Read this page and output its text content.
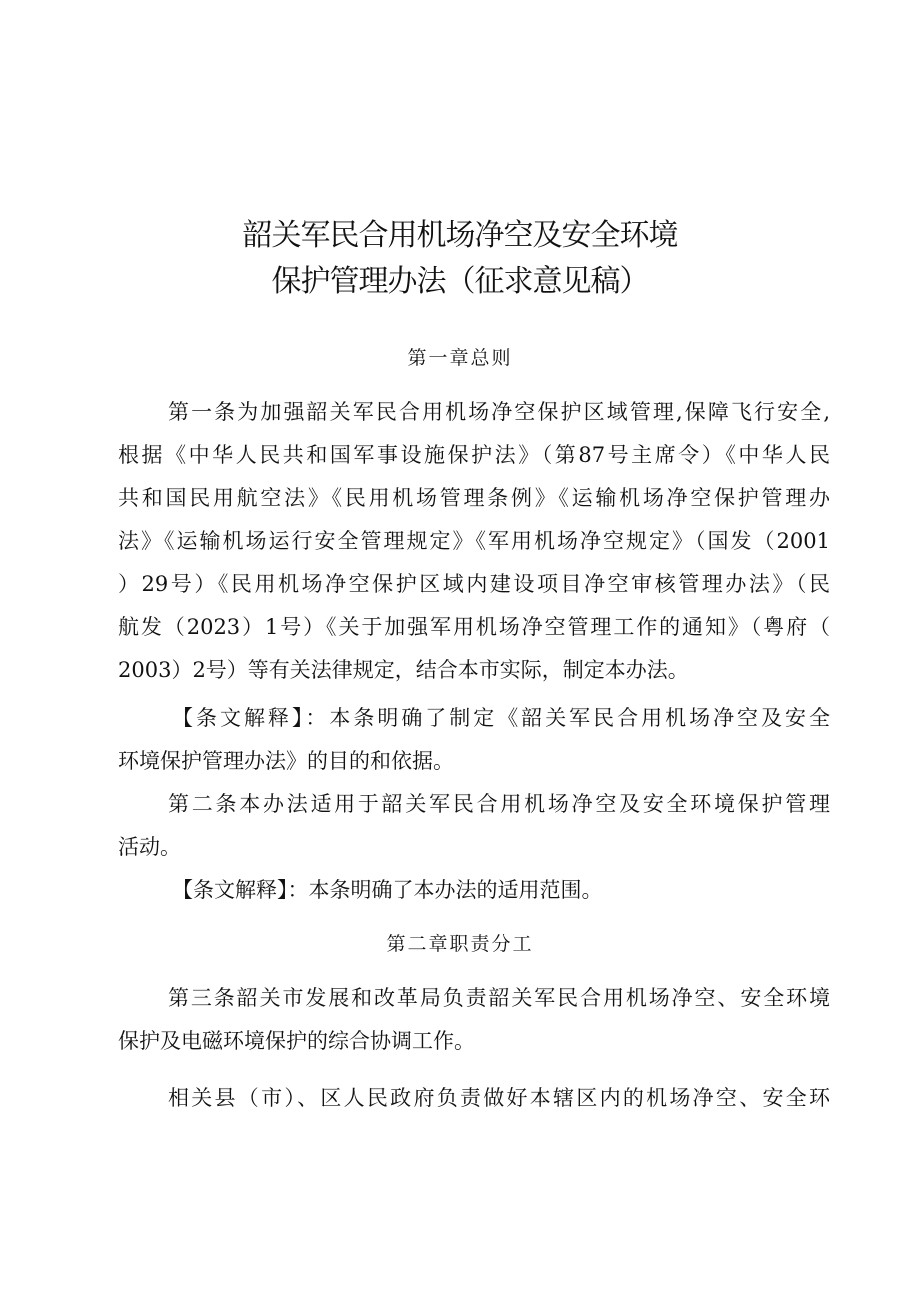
韶关军民合用机场净空及安全环境
保护管理办法（征求意见稿）
第一章总则
第一条为加强韶关军民合用机场净空保护区域管理,保障飞行安全,
根据《中华人民共和国军事设施保护法》（第87号主席令）《中华人民
共和国民用航空法》《民用机场管理条例》《运输机场净空保护管理办
法》《运输机场运行安全管理规定》《军用机场净空规定》（国发（2001
）29号）《民用机场净空保护区域内建设项目净空审核管理办法》（民
航发（2023）1号）《关于加强军用机场净空管理工作的通知》（粤府（
2003）2号）等有关法律规定，结合本市实际，制定本办法。
【条文解释】：本条明确了制定《韶关军民合用机场净空及安全
环境保护管理办法》的目的和依据。
第二条本办法适用于韶关军民合用机场净空及安全环境保护管理
活动。
【条文解释】：本条明确了本办法的适用范围。
第二章职责分工
第三条韶关市发展和改革局负责韶关军民合用机场净空、安全环境
保护及电磁环境保护的综合协调工作。
相关县（市）、区人民政府负责做好本辖区内的机场净空、安全环
